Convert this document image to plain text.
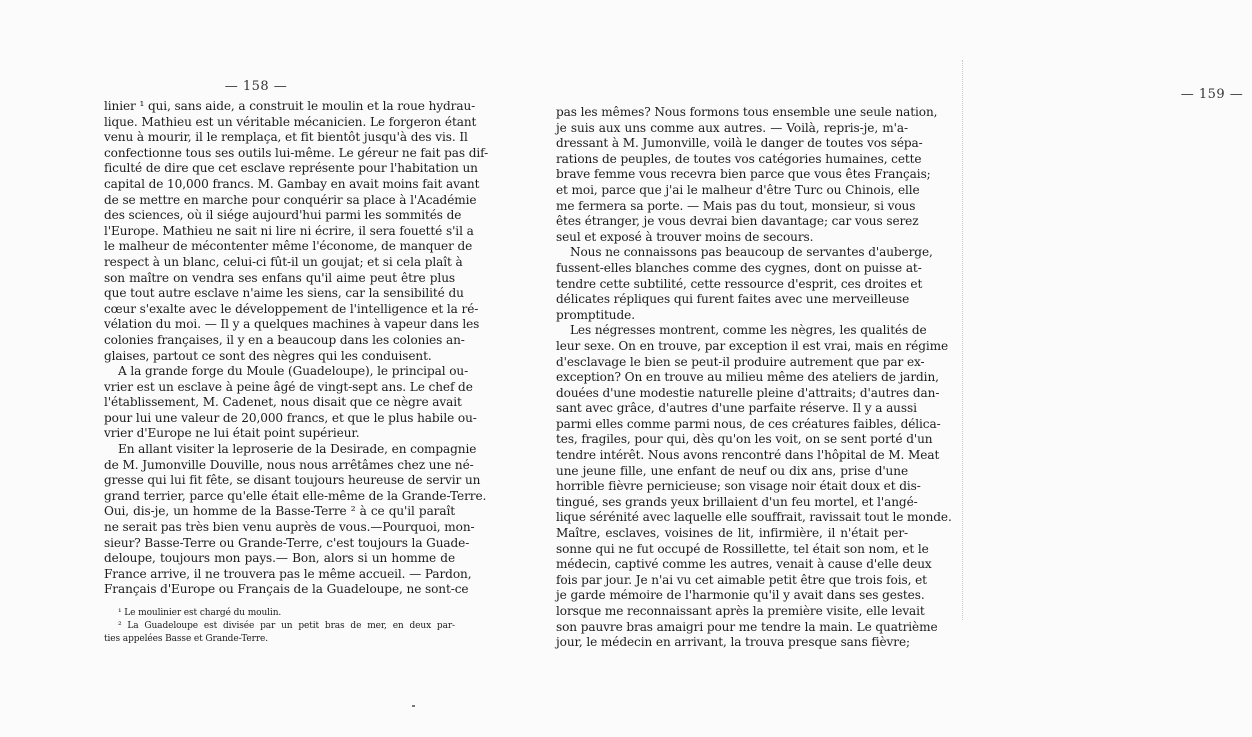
— 158 —
linier ¹ qui, sans aide, a construit le moulin et la roue hydrau-
lique. Mathieu est un véritable mécanicien. Le forgeron étant
venu à mourir, il le remplaça, et fit bientôt jusqu'à des vis. Il
confectionne tous ses outils lui-même. Le géreur ne fait pas dif-
ficulté de dire que cet esclave représente pour l'habitation un
capital de 10,000 francs. M. Gambay en avait moins fait avant
de se mettre en marche pour conquérir sa place à l'Académie
des sciences, où il siége aujourd'hui parmi les sommités de
l'Europe. Mathieu ne sait ni lire ni écrire, il sera fouetté s'il a
le malheur de mécontenter même l'économe, de manquer de
respect à un blanc, celui-ci fût-il un goujat; et si cela plaît à
son maître on vendra ses enfans qu'il aime peut être plus
que tout autre esclave n'aime les siens, car la sensibilité du
cœur s'exalte avec le développement de l'intelligence et la ré-
vélation du moi. — Il y a quelques machines à vapeur dans les
colonies françaises, il y en a beaucoup dans les colonies an-
glaises, partout ce sont des nègres qui les conduisent.
A la grande forge du Moule (Guadeloupe), le principal ou-
vrier est un esclave à peine âgé de vingt-sept ans. Le chef de
l'établissement, M. Cadenet, nous disait que ce nègre avait
pour lui une valeur de 20,000 francs, et que le plus habile ou-
vrier d'Europe ne lui était point supérieur.
En allant visiter la leproserie de la Desirade, en compagnie
de M. Jumonville Douville, nous nous arrêtâmes chez une né-
gresse qui lui fit fête, se disant toujours heureuse de servir un
grand terrier, parce qu'elle était elle-même de la Grande-Terre.
Oui, dis-je, un homme de la Basse-Terre ² à ce qu'il paraît
ne serait pas très bien venu auprès de vous.—Pourquoi, mon-
sieur? Basse-Terre ou Grande-Terre, c'est toujours la Guade-
deloupe, toujours mon pays.— Bon, alors si un homme de
France arrive, il ne trouvera pas le même accueil. — Pardon,
Français d'Europe ou Français de la Guadeloupe, ne sont-ce
¹ Le moulinier est chargé du moulin.
² La Guadeloupe est divisée par un petit bras de mer, en deux par-
ties appelées Basse et Grande-Terre.
— 159 —
pas les mêmes? Nous formons tous ensemble une seule nation,
je suis aux uns comme aux autres. — Voilà, repris-je, m'a-
dressant à M. Jumonville, voilà le danger de toutes vos sépa-
rations de peuples, de toutes vos catégories humaines, cette
brave femme vous recevra bien parce que vous êtes Français;
et moi, parce que j'ai le malheur d'être Turc ou Chinois, elle
me fermera sa porte. — Mais pas du tout, monsieur, si vous
êtes étranger, je vous devrai bien davantage; car vous serez
seul et exposé à trouver moins de secours.
Nous ne connaissons pas beaucoup de servantes d'auberge,
fussent-elles blanches comme des cygnes, dont on puisse at-
tendre cette subtilité, cette ressource d'esprit, ces droites et
délicates répliques qui furent faites avec une merveilleuse
promptitude.
Les négresses montrent, comme les nègres, les qualités de
leur sexe. On en trouve, par exception il est vrai, mais en régime
d'esclavage le bien se peut-il produire autrement que par ex-
exception? On en trouve au milieu même des ateliers de jardin,
douées d'une modestie naturelle pleine d'attraits; d'autres dan-
sant avec grâce, d'autres d'une parfaite réserve. Il y a aussi
parmi elles comme parmi nous, de ces créatures faibles, délica-
tes, fragiles, pour qui, dès qu'on les voit, on se sent porté d'un
tendre intérêt. Nous avons rencontré dans l'hôpital de M. Meat
une jeune fille, une enfant de neuf ou dix ans, prise d'une
horrible fièvre pernicieuse; son visage noir était doux et dis-
tingué, ses grands yeux brillaient d'un feu mortel, et l'angé-
lique sérénité avec laquelle elle souffrait, ravissait tout le monde.
Maître, esclaves, voisines de lit, infirmière, il n'était per-
sonne qui ne fut occupé de Rossillette, tel était son nom, et le
médecin, captivé comme les autres, venait à cause d'elle deux
fois par jour. Je n'ai vu cet aimable petit être que trois fois, et
je garde mémoire de l'harmonie qu'il y avait dans ses gestes.
lorsque me reconnaissant après la première visite, elle levait
son pauvre bras amaigri pour me tendre la main. Le quatrième
jour, le médecin en arrivant, la trouva presque sans fièvre;
